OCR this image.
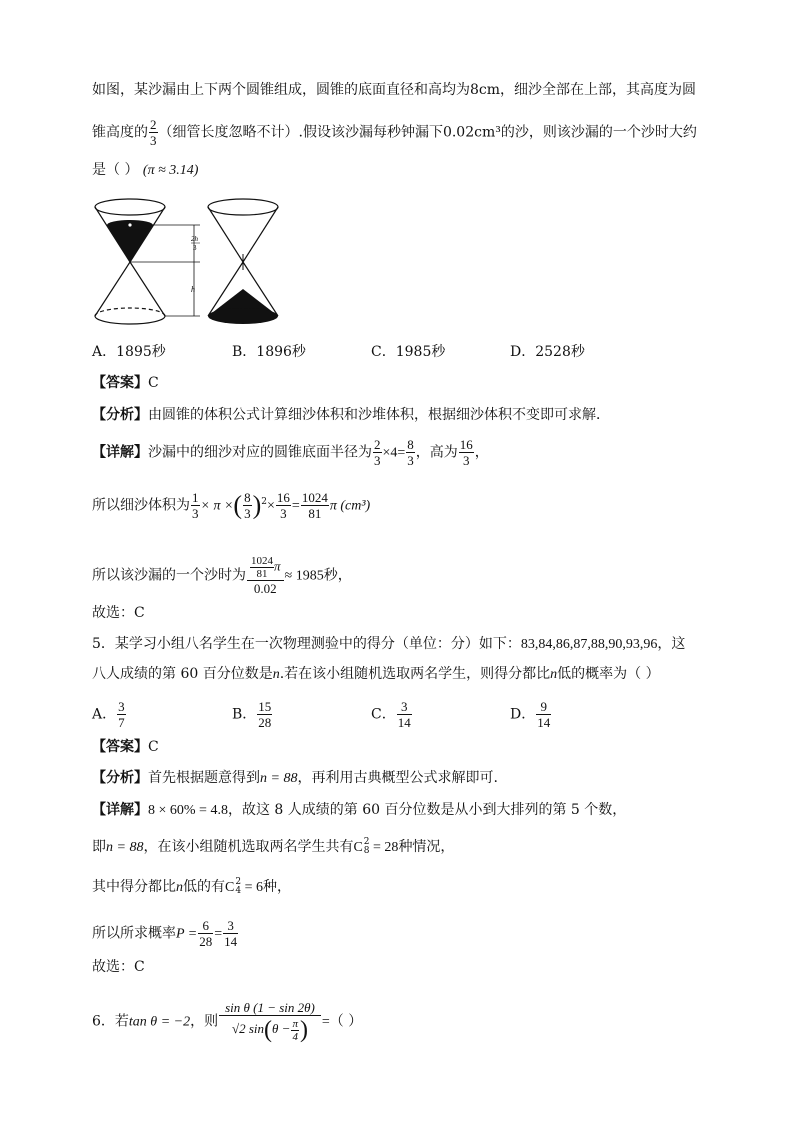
如图，某沙漏由上下两个圆锥组成，圆锥的底面直径和高均为8cm，细沙全部在上部，其高度为圆
锥高度的 $\frac{2}{3}$ （细管长度忽略不计）.假设该沙漏每秒钟漏下0.02cm³的沙，则该沙漏的一个沙时大约
是（ ） (π ≈ 3.14)
2h
3
h
A．1895秒	B．1896秒	C．1985秒	D．2528秒
【答案】C
【分析】由圆锥的体积公式计算细沙体积和沙堆体积，根据细沙体积不变即可求解．
【详解】沙漏中的细沙对应的圆锥底面半径为 $\frac{2}{3} \times 4= \frac{8}{3}$ ，高为 $\frac{16}{3}$ ，
所以细沙体积为 $\frac{1}{3} \times \pi$ ×( $\frac{8}{3} )^2\times \frac{16}{3} = \frac{1024}{81}$ π (cm³)
所以该沙漏的一个沙时为 $\frac{\frac{1024}{81} \pi}{0.02} \approx 1985$秒，
故选：C
5．某学习小组八名学生在一次物理测验中的得分（单位：分）如下：83,84,86,87,88,90,93,96，这
八人成绩的第 60 百分位数是n.若在该小组随机选取两名学生，则得分都比n低的概率为（ ）
A． $\frac{3}{7}$	B． $\frac{15}{28}$	C． $\frac{3}{14}$	D． $\frac{9}{14}$
【答案】C
【分析】首先根据题意得到n = 88，再利用古典概型公式求解即可.
【详解】8 × 60% = 4.8，故这 8 人成绩的第 60 百分位数是从小到大排列的第 5 个数，
即n = 88，在该小组随机选取两名学生共有C 2
8 = 28种情况，
其中得分都比n低的有C 2
4 = 6种，
所以所求概率$P = \frac{6}{28} = \frac{3}{14}$
故选：C
6．若tan θ = −2，则 $\frac{\text{sin θ (1 − sin 2θ)}}{√2 \sin(\theta - \frac{\pi}{4} )}$ =（ ）
